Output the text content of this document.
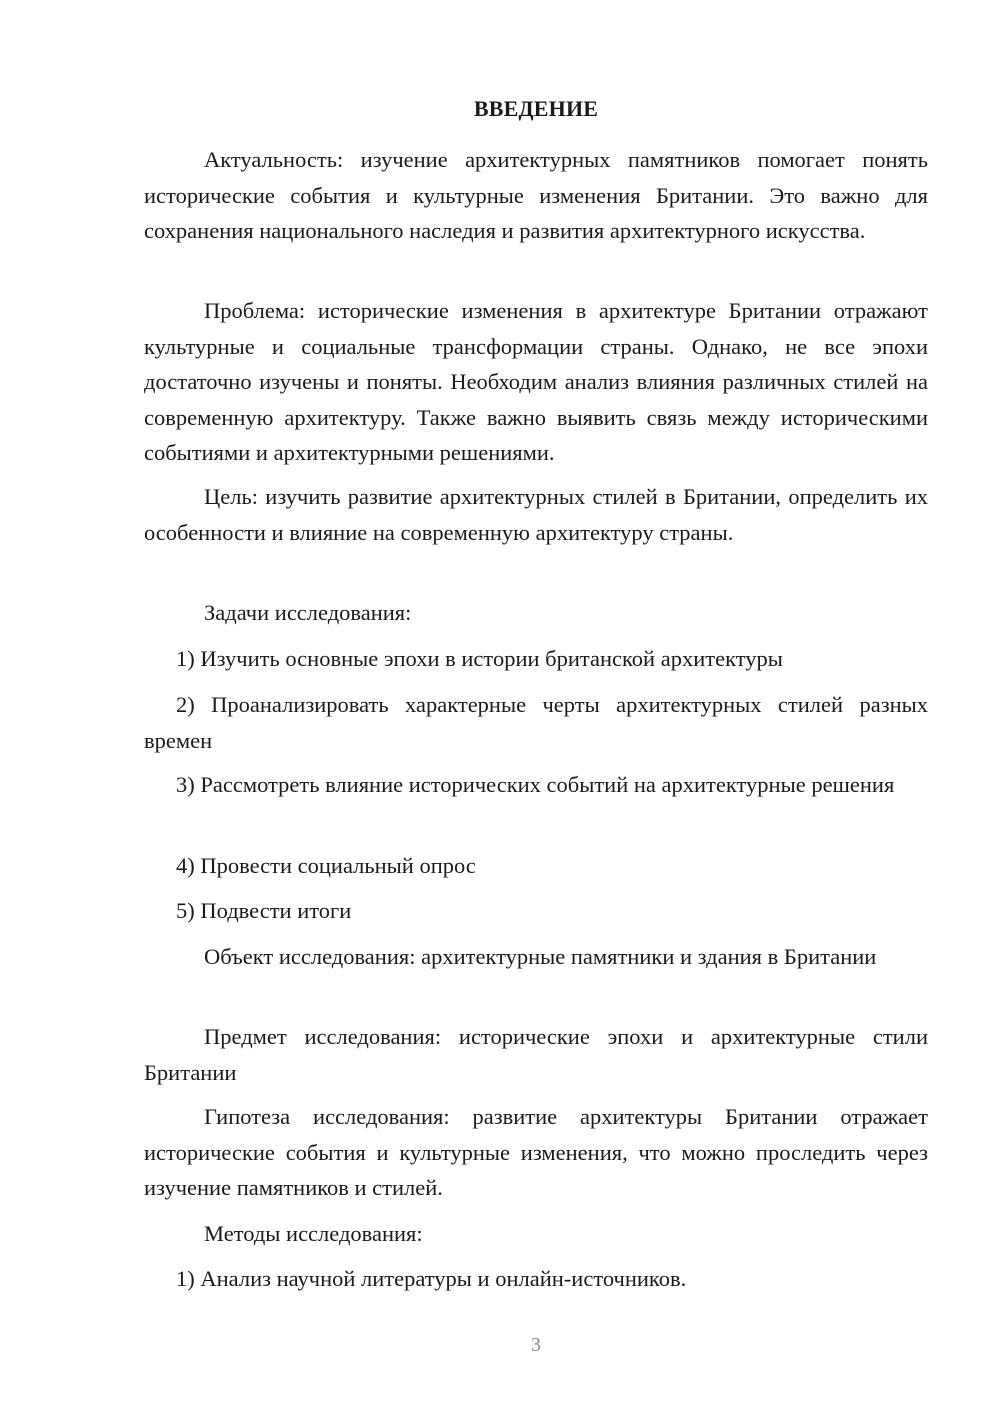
ВВЕДЕНИЕ

Актуальность: изучение архитектурных памятников помогает понять исторические события и культурные изменения Британии. Это важно для сохранения национального наследия и развития архитектурного искусства.

Проблема: исторические изменения в архитектуре Британии отражают культурные и социальные трансформации страны. Однако, не все эпохи достаточно изучены и поняты. Необходим анализ влияния различных стилей на современную архитектуру. Также важно выявить связь между историческими событиями и архитектурными решениями.

Цель: изучить развитие архитектурных стилей в Британии, определить их особенности и влияние на современную архитектуру страны.

Задачи исследования:

1) Изучить основные эпохи в истории британской архитектуры

2) Проанализировать характерные черты архитектурных стилей разных времен

3) Рассмотреть влияние исторических событий на архитектурные решения

4) Провести социальный опрос

5) Подвести итоги

Объект исследования: архитектурные памятники и здания в Британии

Предмет исследования: исторические эпохи и архитектурные стили Британии

Гипотеза исследования: развитие архитектуры Британии отражает исторические события и культурные изменения, что можно проследить через изучение памятников и стилей.

Методы исследования:

1) Анализ научной литературы и онлайн-источников.

3
